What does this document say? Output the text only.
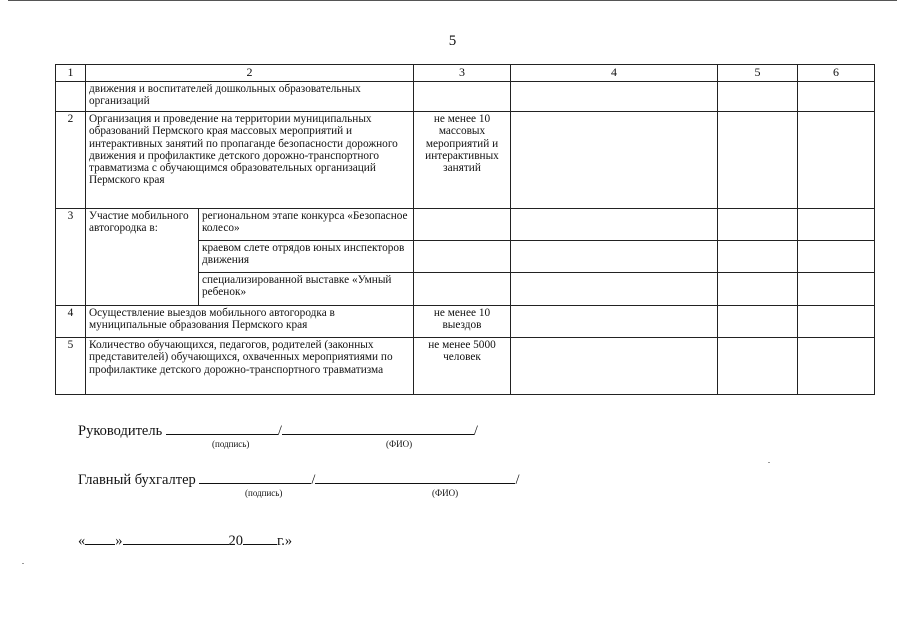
5
1	2		3	4	5	6
	движения и воспитателей дошкольных образовательных организаций					
2	Организация и проведение на территории муниципальных образований Пермского края массовых мероприятий и интерактивных занятий по пропаганде безопасности дорожного движения и профилактике детского дорожно-транспортного травматизма с обучающимся образовательных организаций Пермского края		не менее 10 массовых мероприятий и интерактивных занятий			
3	Участие мобильного автогородка в:	региональном этапе конкурса «Безопасное колесо»				
		краевом слете отрядов юных инспекторов движения				
		специализированной выставке «Умный ребенок»				
4	Осуществление выездов мобильного автогородка в муниципальные образования Пермского края		не менее 10 выездов			
5	Количество обучающихся, педагогов, родителей (законных представителей) обучающихся, охваченных мероприятиями по профилактике детского дорожно-транспортного травматизма		не менее 5000 человек			
Руководитель	/	/
(подпись)	(ФИО)
Главный бухгалтер	/	/
(подпись)	(ФИО)
« »	20 г.»
